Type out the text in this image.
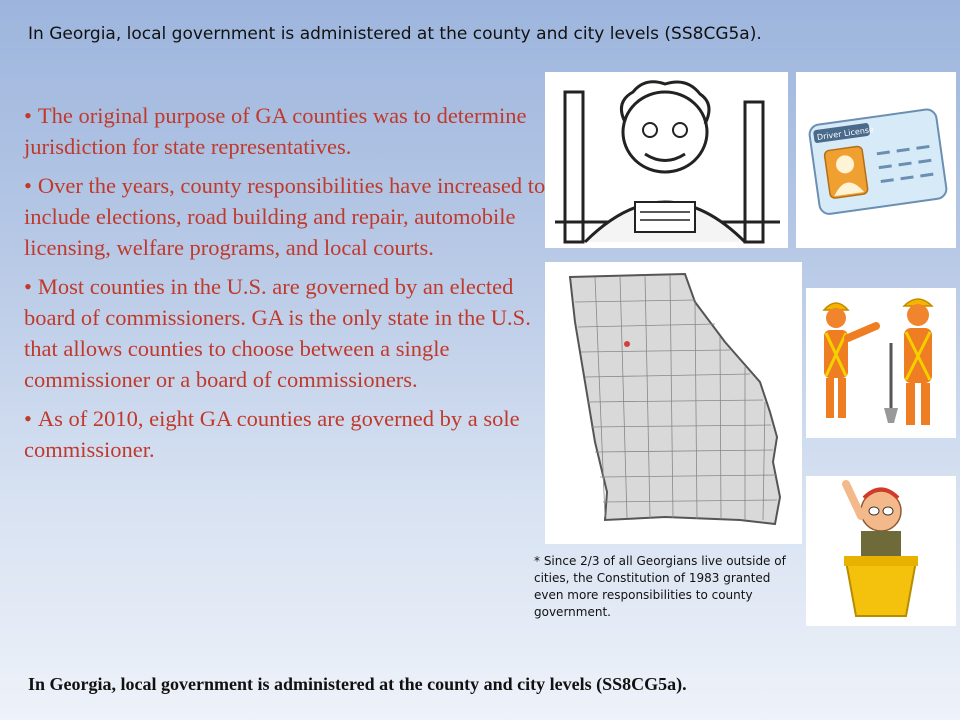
In Georgia, local government is administered at the county and city levels (SS8CG5a).

• The original purpose of GA counties was to determine jurisdiction for state representatives.

• Over the years, county responsibilities have increased to include elections, road building and repair, automobile licensing, welfare programs, and local courts.

• Most counties in the U.S. are governed by an elected board of commissioners. GA is the only state in the U.S. that allows counties to choose between a single commissioner or a board of commissioners.

• As of 2010, eight GA counties are governed by a sole commissioner.

Driver License
* Since 2/3 of all Georgians live outside of cities, the Constitution of 1983 granted even more responsibilities to county government.
In Georgia, local government is administered at the county and city levels (SS8CG5a).
